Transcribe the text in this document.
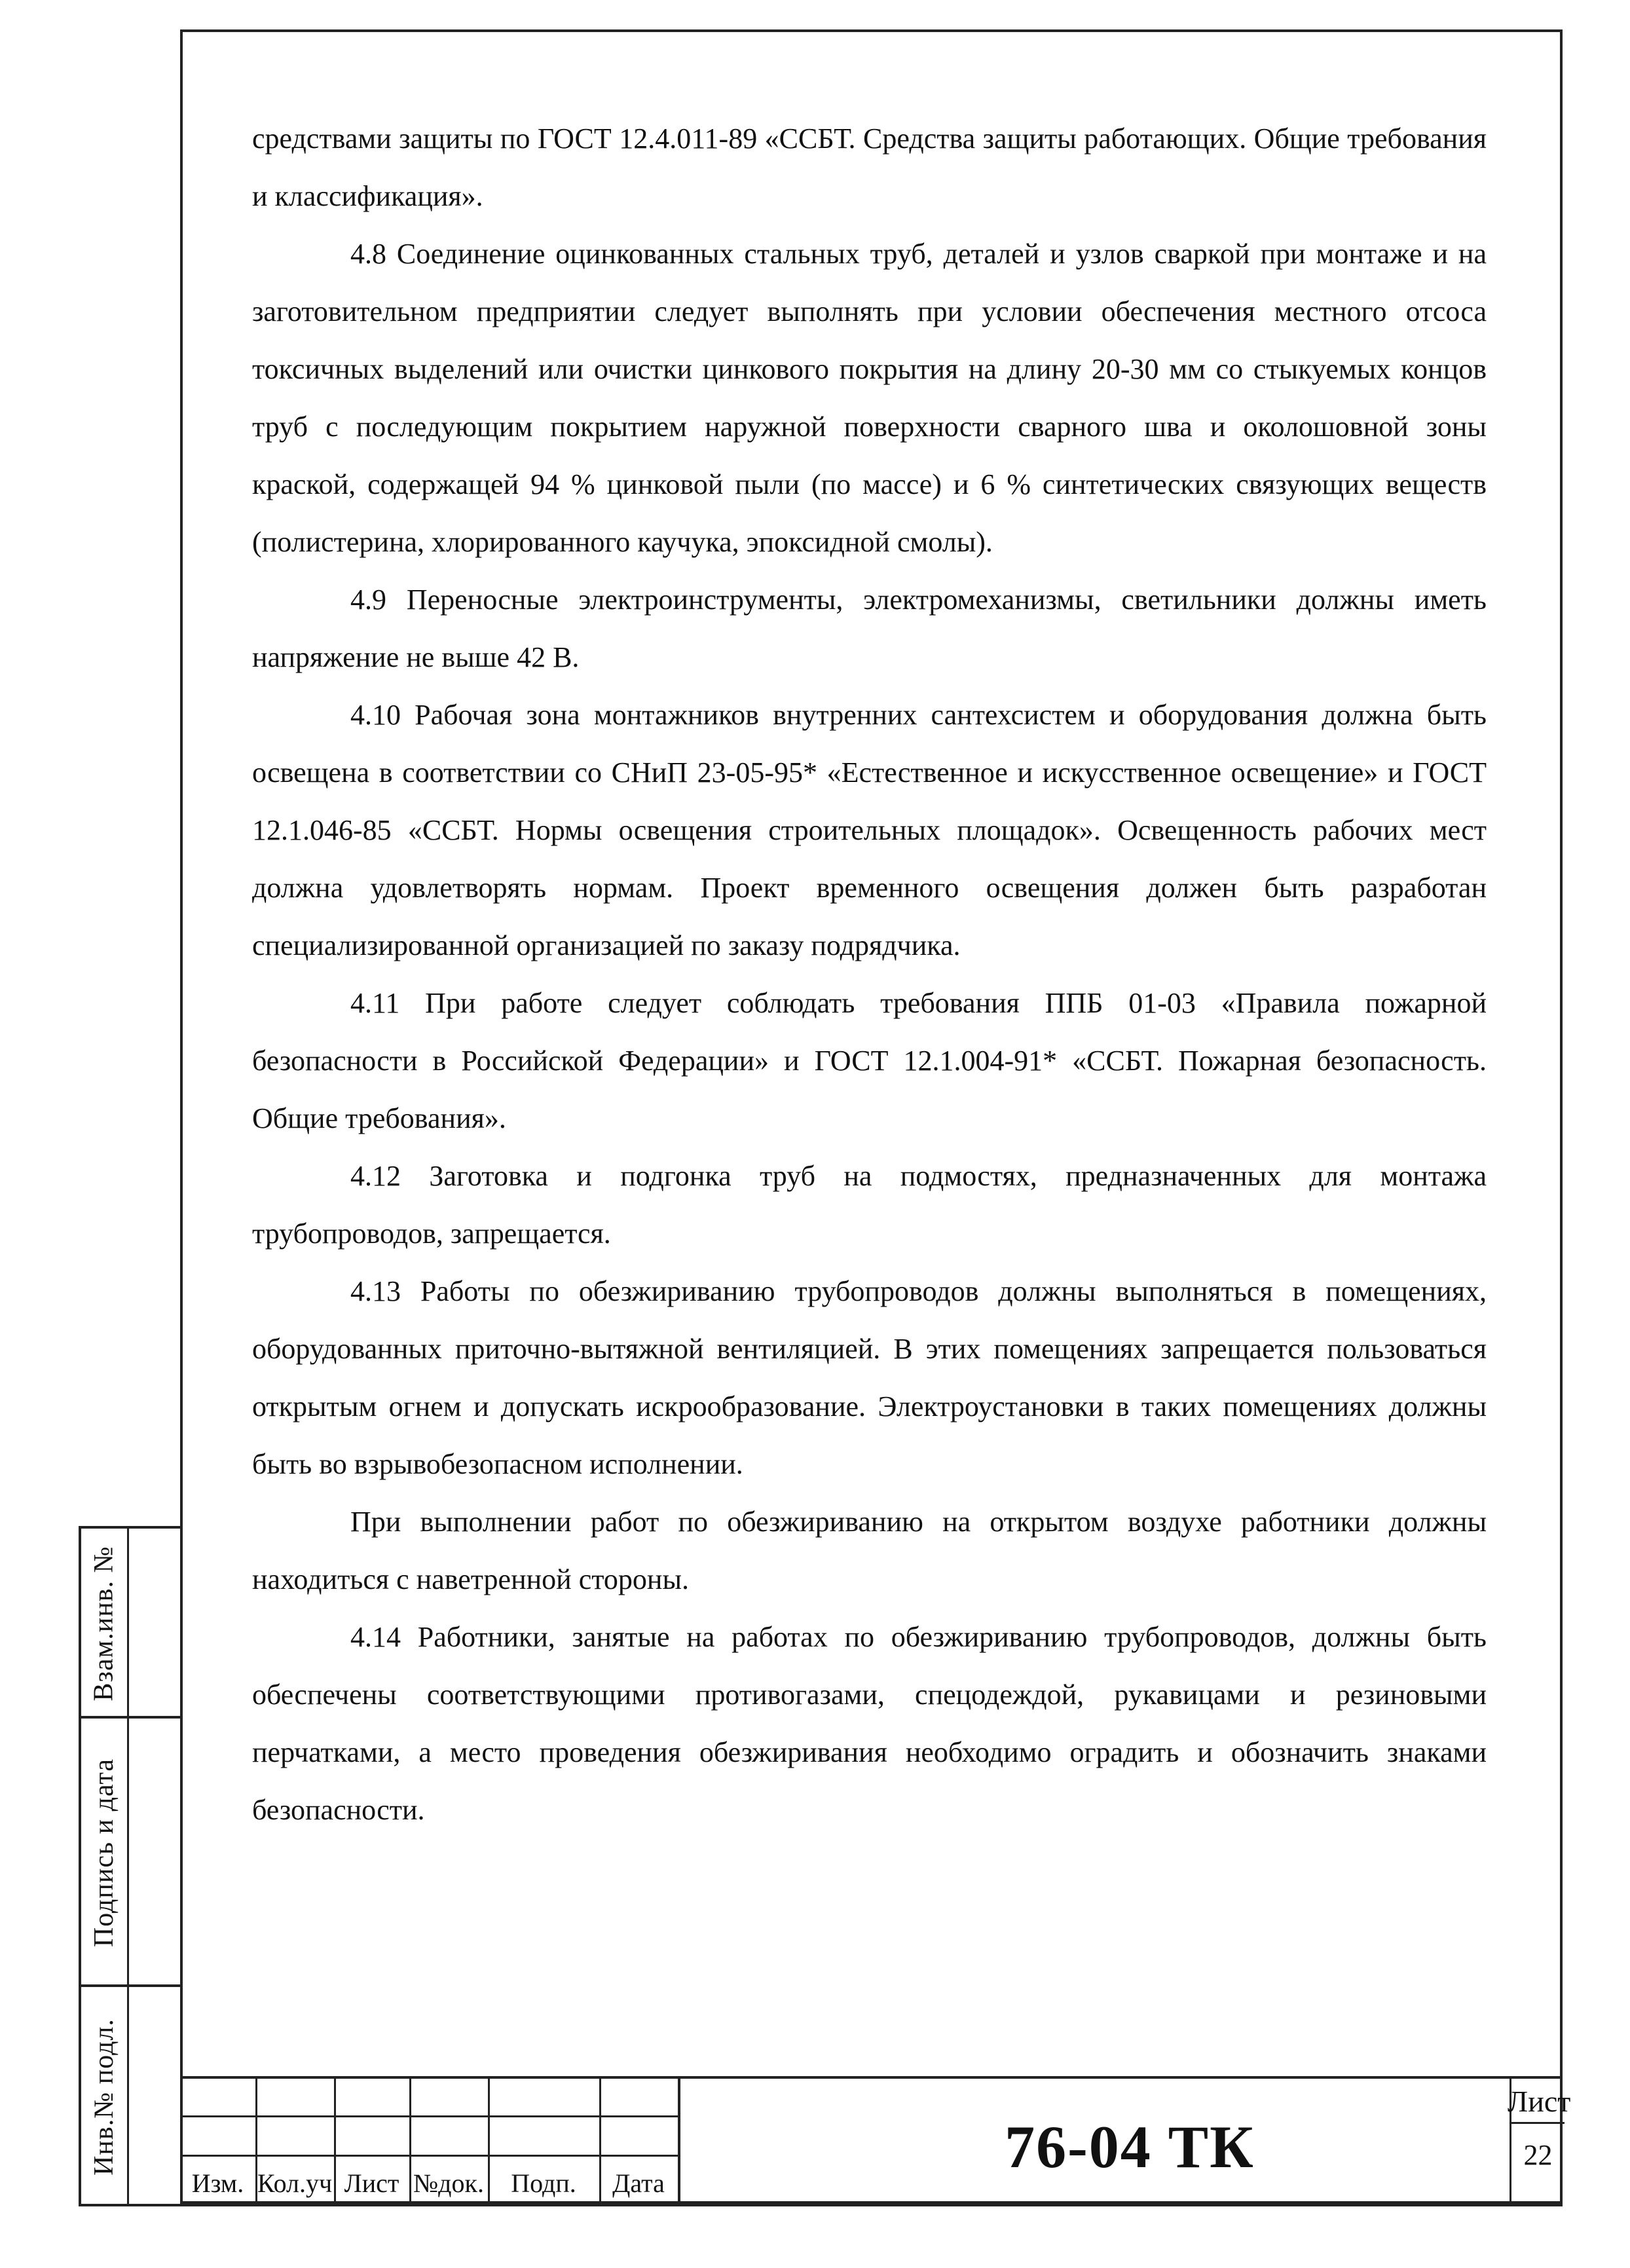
средствами защиты по ГОСТ 12.4.011-89 «ССБТ. Средства защиты работающих. Общие требования и классификация».

4.8 Соединение оцинкованных стальных труб, деталей и узлов сваркой при монтаже и на заготовительном предприятии следует выполнять при условии обеспечения местного отсоса токсичных выделений или очистки цинкового покрытия на длину 20-30 мм со стыкуемых концов труб с последующим покрытием наружной поверхности сварного шва и околошовной зоны краской, содержащей 94 % цинковой пыли (по массе) и 6 % синтетических связующих веществ (полистерина, хлорированного каучука, эпоксидной смолы).

4.9 Переносные электроинструменты, электромеханизмы, светильники должны иметь напряжение не выше 42 В.

4.10 Рабочая зона монтажников внутренних сантехсистем и оборудования должна быть освещена в соответствии со СНиП 23-05-95* «Естественное и искусственное освещение» и ГОСТ 12.1.046-85 «ССБТ. Нормы освещения строительных площадок». Освещенность рабочих мест должна удовлетворять нормам. Проект временного освещения должен быть разработан специализированной организацией по заказу подрядчика.

4.11 При работе следует соблюдать требования ППБ 01-03 «Правила пожарной безопасности в Российской Федерации» и ГОСТ 12.1.004-91* «ССБТ. Пожарная безопасность. Общие требования».

4.12 Заготовка и подгонка труб на подмостях, предназначенных для монтажа трубопроводов, запрещается.

4.13 Работы по обезжириванию трубопроводов должны выполняться в помещениях, оборудованных приточно-вытяжной вентиляцией. В этих помещениях запрещается пользоваться открытым огнем и допускать искрообразование. Электроустановки в таких помещениях должны быть во взрывобезопасном исполнении.

При выполнении работ по обезжириванию на открытом воздухе работники должны находиться с наветренной стороны.

4.14 Работники, занятые на работах по обезжириванию трубопроводов, должны быть обеспечены соответствующими противогазами, спецодеждой, рукавицами и резиновыми перчатками, а место проведения обезжиривания необходимо оградить и обозначить знаками безопасности.

Взам.инв. №
Подпись и дата
Инв.№ подл.
Изм. Кол.уч Лист №док.	Подп.	Дата
76-04 ТК
Лист
22
